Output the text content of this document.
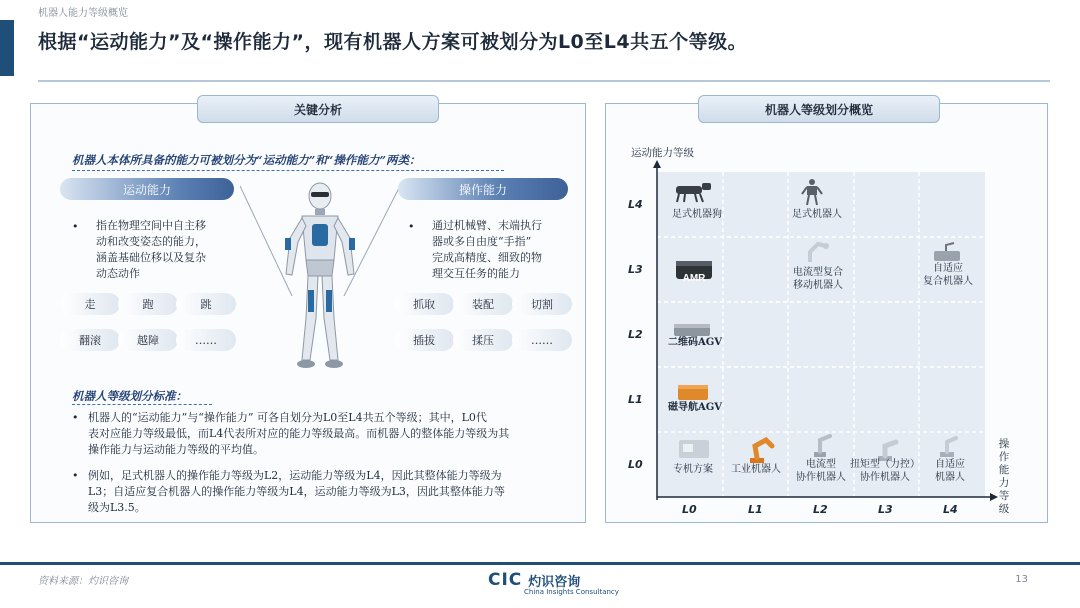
机器人能力等级概览
根据“运动能力”及“操作能力”，现有机器人方案可被划分为L0至L4共五个等级。
关键分析
机器人本体所具备的能力可被划分为“运动能力”和“操作能力”两类：
运动能力
• 指在物理空间中自主移
动和改变姿态的能力，
涵盖基础位移以及复杂
动态动作
走	跑	跳
翻滚	越障	……
操作能力
• 通过机械臂、末端执行
器或多自由度“手指”
完成高精度、细致的物
理交互任务的能力
抓取	装配	切割
插拔	揉压	……
机器人等级划分标准：
• 机器人的“运动能力”与“操作能力” 可各自划分为L0至L4共五个等级；其中，L0代
表对应能力等级最低，而L4代表所对应的能力等级最高。而机器人的整体能力等级为其
操作能力与运动能力等级的平均值。
• 例如，足式机器人的操作能力等级为L2，运动能力等级为L4，因此其整体能力等级为
L3；自适应复合机器人的操作能力等级为L4，运动能力等级为L3，因此其整体能力等
级为L3.5。
机器人等级划分概览
运动能力等级
L4
L3
L2
L1
L0
L0	L1	L2	L3	L4
操
作
能
力
等
级
足式机器狗	足式机器人
AMR
电流型复合
移动机器人
自适应
复合机器人
二维码AGV
磁导航AGV
专机方案	工业机器人	电流型
协作机器人
扭矩型（力控）
协作机器人
自适应
机器人
资料来源：灼识咨询	CIC 灼识咨询
China Insights Consultancy
13
